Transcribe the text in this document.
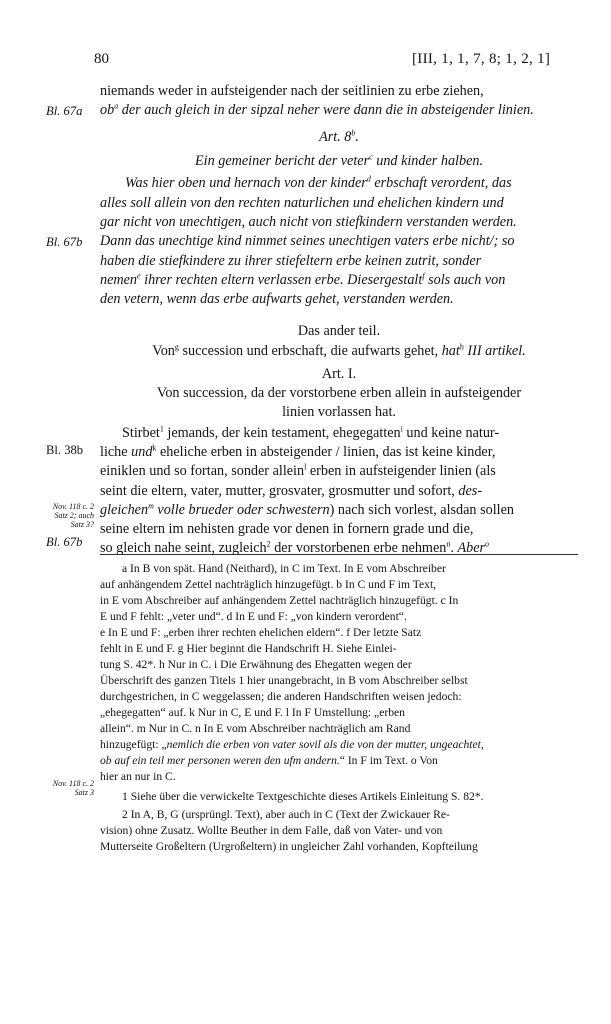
80	[III, 1, 1, 7, 8; 1, 2, 1]
Bl. 67a
Bl. 67b
Bl. 38b
Nov. 118 c. 2
Satz 2; auch
Satz 3?
Bl. 67b
Nov. 118 c. 2
Satz 3
niemands weder in aufsteigender nach der seitlinien zu erbe ziehen,
$ob^a$ der auch gleich in der sipzal neher were dann die in absteigender linien.
Art. 8$^b$.
Ein gemeiner bericht der veter$^c$ und kinder halben.
Was hier oben und hernach von der kinder$^d$ erbschaft verordent, das
alles soll allein von den rechten naturlichen und ehelichen kindern und
gar nicht von unechtigen, auch nicht von stiefkindern verstanden werden.
Dann das unechtige kind nimmet seines unechtigen vaters erbe nicht/; so
haben die stiefkindere zu ihrer stiefeltern erbe keinen zutrit, sonder
nemen$^e$ ihrer rechten eltern verlassen erbe. Diesergestalt$^f$ sols auch von
den vetern, wenn das erbe aufwarts gehet, verstanden werden.
Das ander teil.
Von$^g$ succession und erbschaft, die aufwarts gehet, hat$^h$ III artikel.
Art. I.
Von succession, da der vorstorbene erben allein in aufsteigender
linien vorlassen hat.
Stirbet$^1$ jemands, der kein testament, ehegegatten$^i$ und keine natur-
liche und$^k$ eheliche erben in absteigender / linien, das ist keine kinder,
einiklen und so fortan, sonder allein$^l$ erben in aufsteigender linien (als
seint die eltern, vater, mutter, grosvater, grosmutter und sofort, des-
gleichen$^m$ volle brueder oder schwestern) nach sich vorlest, alsdan sollen
seine eltern im nehisten grade vor denen in fornern grade und die,
so gleich nahe seint, zugleich$^2$ der vorstorbenen erbe nehmen$^n$. Aber$^o$
a In B von spät. Hand (Neithard), in C im Text. In E vom Abschreiber
auf anhängendem Zettel nachträglich hinzugefügt. b In C und F im Text,
in E vom Abschreiber auf anhängendem Zettel nachträglich hinzugefügt. c In
E und F fehlt: „veter und“. d In E und F: „von kindern verordent“.
e In E und F: „erben ihrer rechten ehelichen eldern“. f Der letzte Satz
fehlt in E und F. g Hier beginnt die Handschrift H. Siehe Einlei-
tung S. 42*. h Nur in C. i Die Erwähnung des Ehegatten wegen der
Überschrift des ganzen Titels 1 hier unangebracht, in B vom Abschreiber selbst
durchgestrichen, in C weggelassen; die anderen Handschriften weisen jedoch:
„ehegegatten“ auf. k Nur in C, E und F. l In F Umstellung: „erben
allein“. m Nur in C. n In E vom Abschreiber nachträglich am Rand
hinzugefügt: „nemlich die erben von vater sovil als die von der mutter, ungeachtet,
ob auf ein teil mer personen weren den ufm andern.“ In F im Text. o Von
hier an nur in C.
1 Siehe über die verwickelte Textgeschichte dieses Artikels Einleitung S. 82*.
2 In A, B, G (ursprüngl. Text), aber auch in C (Text der Zwickauer Re-
vision) ohne Zusatz. Wollte Beuther in dem Falle, daß von Vater- und von
Mutterseite Großeltern (Urgroßeltern) in ungleicher Zahl vorhanden, Kopfteilung
